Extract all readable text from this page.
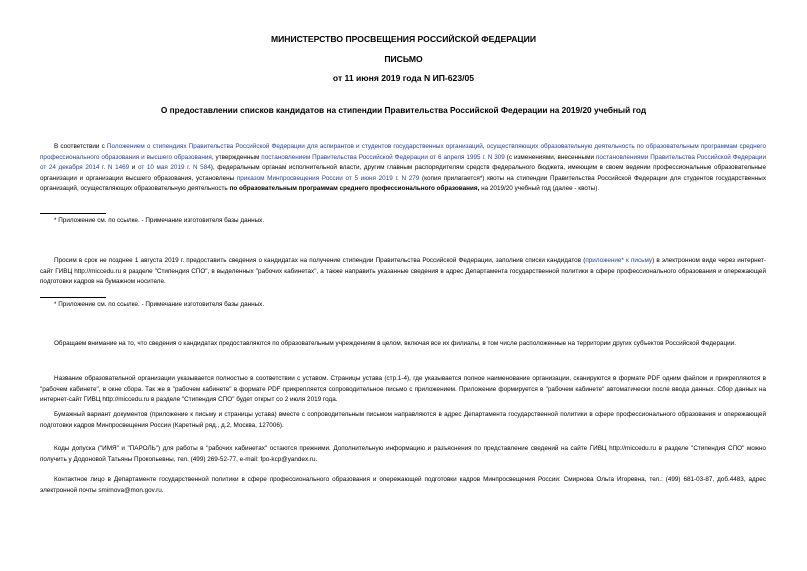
МИНИСТЕРСТВО ПРОСВЕЩЕНИЯ РОССИЙСКОЙ ФЕДЕРАЦИИ
ПИСЬМО
от 11 июня 2019 года N ИП-623/05
О предоставлении списков кандидатов на стипендии Правительства Российской Федерации на 2019/20 учебный год

В соответствии с Положением о стипендиях Правительства Российской Федерации для аспирантов и студентов государственных организаций, осуществляющих образовательную деятельность по образовательным программам среднего профессионального образования и высшего образования, утвержденным постановлением Правительства Российской Федерации от 6 апреля 1995 г. N 309 (с изменениями, внесенными постановлениями Правительства Российской Федерации от 24 декабря 2014 г. N 1469 и от 10 мая 2019 г. N 584), федеральным органам исполнительной власти, другим главным распорядителям средств федерального бюджета, имеющим в своем ведении профессиональные образовательные организации и организации высшего образования, установлены приказом Минпросвещения России от 5 июня 2019 г. N 279 (копия прилагается*) квоты на стипендии Правительства Российской Федерации для студентов государственных организаций, осуществляющих образовательную деятельность по образовательным программам среднего профессионального образования, на 2019/20 учебный год (далее - квоты).

* Приложение см. по ссылке. - Примечание изготовителя базы данных.

Просим в срок не позднее 1 августа 2019 г. предоставить сведения о кандидатах на получение стипендии Правительства Российской Федерации, заполнив списки кандидатов (приложение* к письму) в электронном виде через интернет-сайт ГИВЦ http://miccedu.ru в разделе "Стипендия СПО", в выделенных "рабочих кабинетах", а также направить указанные сведения в адрес Департамента государственной политики в сфере профессионального образования и опережающей подготовки кадров на бумажном носителе.

* Приложение см. по ссылке. - Примечание изготовителя базы данных.

Обращаем внимание на то, что сведения о кандидатах предоставляются по образовательным учреждениям в целом, включая все их филиалы, в том числе расположенные на территории других субъектов Российской Федерации.

Название образовательной организации указывается полностью в соответствии с уставом. Страницы устава (стр.1-4), где указывается полное наименование организации, сканируются в формате PDF одним файлом и прикрепляются в "рабочем кабинете", в окне сбора. Так же в "рабочем кабинете" в формате PDF прикрепляется сопроводительное письмо с приложением. Приложение формируется в "рабочем кабинете" автоматически после ввода данных. Сбор данных на интернет-сайт ГИВЦ http://miccedu.ru в разделе "Стипендия СПО" будет открыт со 2 июля 2019 года.

Бумажный вариант документов (приложение к письму и страницы устава) вместе с сопроводительным письмом направляются в адрес Департамента государственной политики в сфере профессионального образования и опережающей подготовки кадров Минпросвещения России (Каретный ряд., д.2, Москва, 127006).

Коды допуска ("ИМЯ" и "ПАРОЛЬ") для работы в "рабочих кабинетах" остаются прежними. Дополнительную информацию и разъяснения по представление сведений на сайте ГИВЦ http://miccedu.ru в разделе "Стипендия СПО" можно получить у Додоновой Татьяны Прокопьевны, тел. (499) 269-52-77, e-mail: fpo-kcp@yandex.ru.

Контактное лицо в Департаменте государственной политики в сфере профессионального образования и опережающей подготовки кадров Минпросвещения России: Смирнова Ольга Игоревна, тел.: (499) 681-03-87, доб.4483, адрес электронной почты smirnova@mon.gov.ru.
